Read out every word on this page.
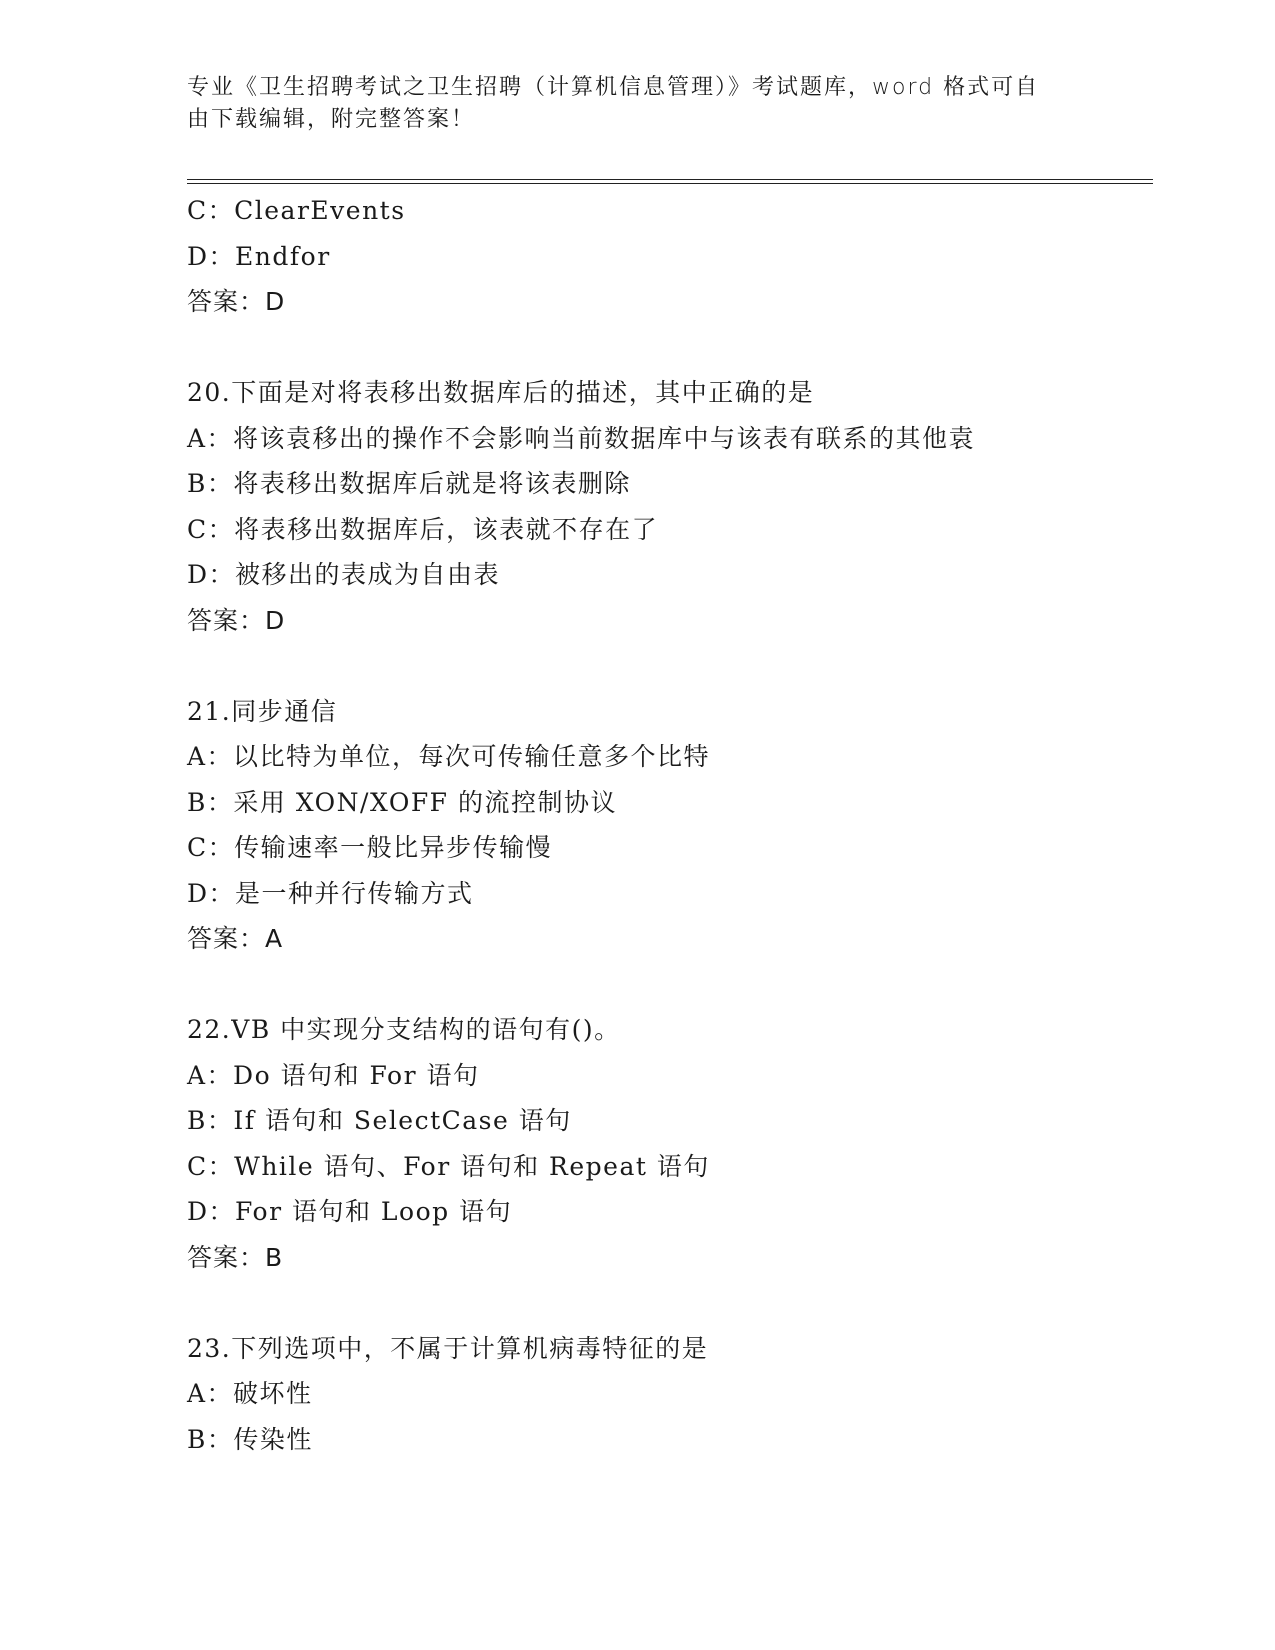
专业《卫生招聘考试之卫生招聘（计算机信息管理）》考试题库，word 格式可自
由下载编辑，附完整答案！
C：ClearEvents
D：Endfor
答案：D
20.下面是对将表移出数据库后的描述，其中正确的是
A：将该袁移出的操作不会影响当前数据库中与该表有联系的其他袁
B：将表移出数据库后就是将该表删除
C：将表移出数据库后，该表就不存在了
D：被移出的表成为自由表
答案：D
21.同步通信
A：以比特为单位，每次可传输任意多个比特
B：采用 XON/XOFF 的流控制协议
C：传输速率一般比异步传输慢
D：是一种并行传输方式
答案：A
22.VB 中实现分支结构的语句有()。
A：Do 语句和 For 语句
B：If 语句和 SelectCase 语句
C：While 语句、For 语句和 Repeat 语句
D：For 语句和 Loop 语句
答案：B
23.下列选项中，不属于计算机病毒特征的是
A：破坏性
B：传染性
